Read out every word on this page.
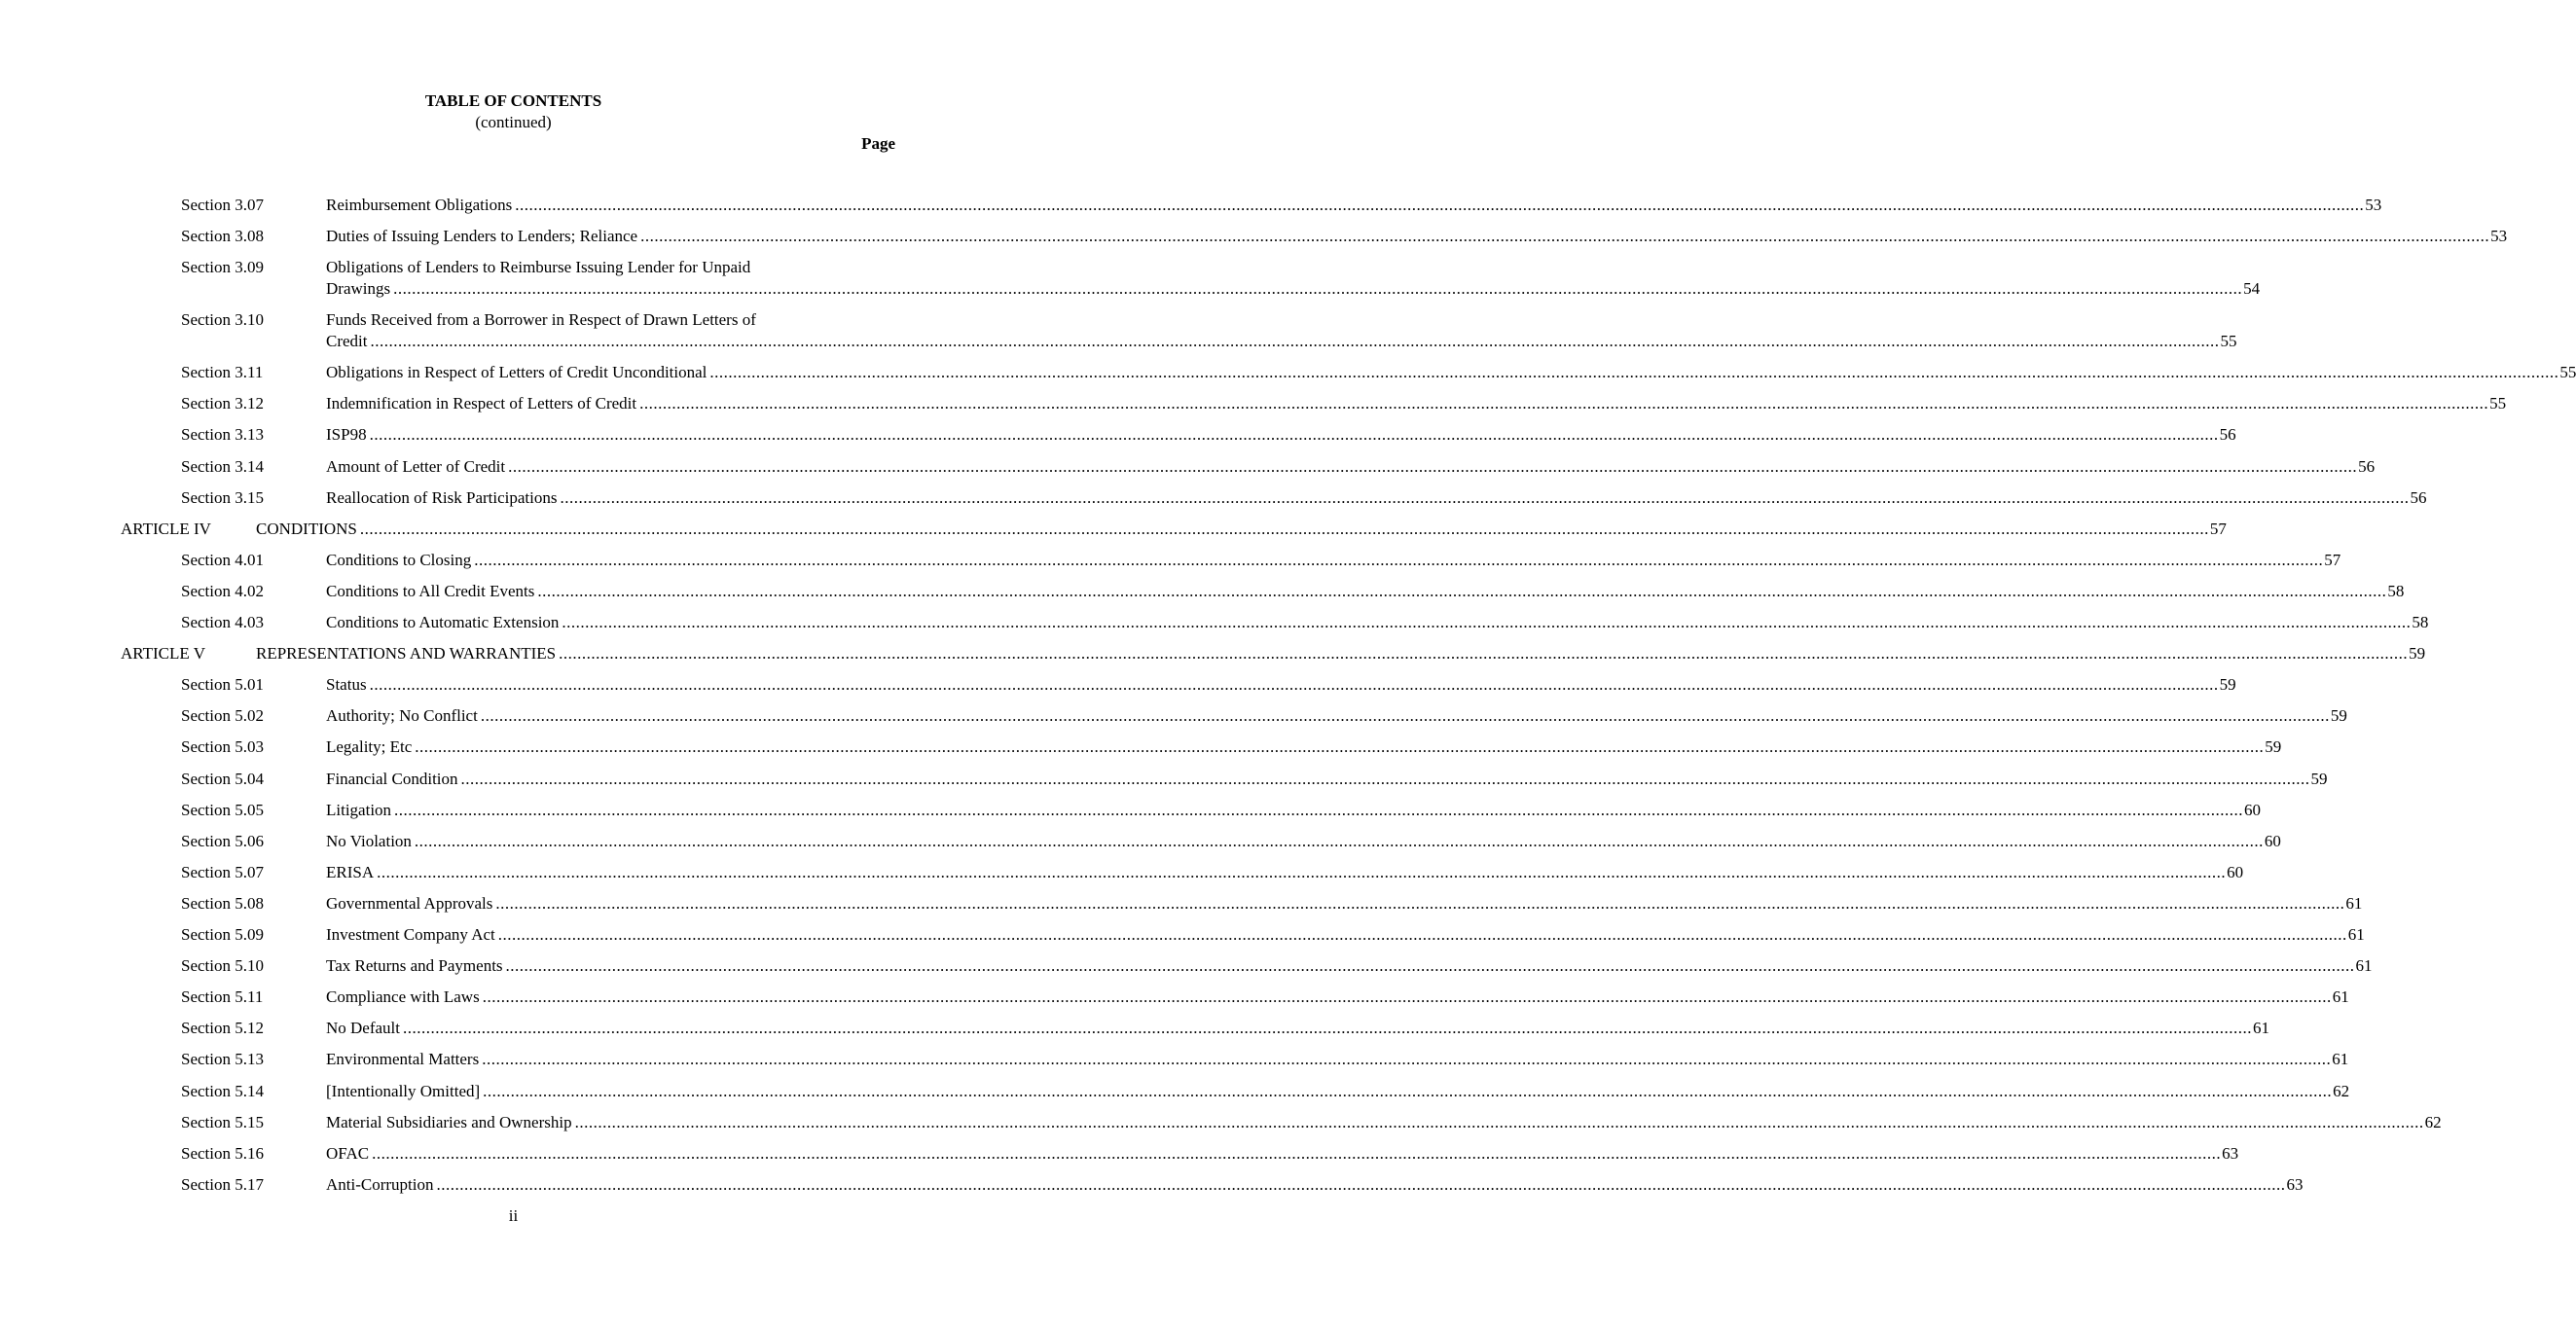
TABLE OF CONTENTS
(continued)
Page
Section 3.07	Reimbursement Obligations ................................................................................................................................................................................................................................................................................................................................................................................................................ 53
Section 3.08	Duties of Issuing Lenders to Lenders; Reliance ................................................................................................................................................................................................................................................................................................................................................................................................................ 53
Section 3.09	Obligations of Lenders to Reimburse Issuing Lender for Unpaid
Drawings ................................................................................................................................................................................................................................................................................................................................................................................................................ 54
Section 3.10	Funds Received from a Borrower in Respect of Drawn Letters of
Credit ................................................................................................................................................................................................................................................................................................................................................................................................................ 55
Section 3.11	Obligations in Respect of Letters of Credit Unconditional ................................................................................................................................................................................................................................................................................................................................................................................................................ 55
Section 3.12	Indemnification in Respect of Letters of Credit ................................................................................................................................................................................................................................................................................................................................................................................................................ 55
Section 3.13	ISP98 ................................................................................................................................................................................................................................................................................................................................................................................................................ 56
Section 3.14	Amount of Letter of Credit ................................................................................................................................................................................................................................................................................................................................................................................................................ 56
Section 3.15	Reallocation of Risk Participations ................................................................................................................................................................................................................................................................................................................................................................................................................ 56
ARTICLE IV	CONDITIONS ................................................................................................................................................................................................................................................................................................................................................................................................................ 57
Section 4.01	Conditions to Closing ................................................................................................................................................................................................................................................................................................................................................................................................................ 57
Section 4.02	Conditions to All Credit Events ................................................................................................................................................................................................................................................................................................................................................................................................................ 58
Section 4.03	Conditions to Automatic Extension ................................................................................................................................................................................................................................................................................................................................................................................................................ 58
ARTICLE V	REPRESENTATIONS AND WARRANTIES ................................................................................................................................................................................................................................................................................................................................................................................................................ 59
Section 5.01	Status ................................................................................................................................................................................................................................................................................................................................................................................................................ 59
Section 5.02	Authority; No Conflict ................................................................................................................................................................................................................................................................................................................................................................................................................ 59
Section 5.03	Legality; Etc ................................................................................................................................................................................................................................................................................................................................................................................................................ 59
Section 5.04	Financial Condition ................................................................................................................................................................................................................................................................................................................................................................................................................ 59
Section 5.05	Litigation ................................................................................................................................................................................................................................................................................................................................................................................................................ 60
Section 5.06	No Violation ................................................................................................................................................................................................................................................................................................................................................................................................................ 60
Section 5.07	ERISA ................................................................................................................................................................................................................................................................................................................................................................................................................ 60
Section 5.08	Governmental Approvals ................................................................................................................................................................................................................................................................................................................................................................................................................ 61
Section 5.09	Investment Company Act ................................................................................................................................................................................................................................................................................................................................................................................................................ 61
Section 5.10	Tax Returns and Payments ................................................................................................................................................................................................................................................................................................................................................................................................................ 61
Section 5.11	Compliance with Laws ................................................................................................................................................................................................................................................................................................................................................................................................................ 61
Section 5.12	No Default ................................................................................................................................................................................................................................................................................................................................................................................................................ 61
Section 5.13	Environmental Matters ................................................................................................................................................................................................................................................................................................................................................................................................................ 61
Section 5.14	[Intentionally Omitted] ................................................................................................................................................................................................................................................................................................................................................................................................................ 62
Section 5.15	Material Subsidiaries and Ownership ................................................................................................................................................................................................................................................................................................................................................................................................................ 62
Section 5.16	OFAC ................................................................................................................................................................................................................................................................................................................................................................................................................ 63
Section 5.17	Anti-Corruption ................................................................................................................................................................................................................................................................................................................................................................................................................ 63
ii
